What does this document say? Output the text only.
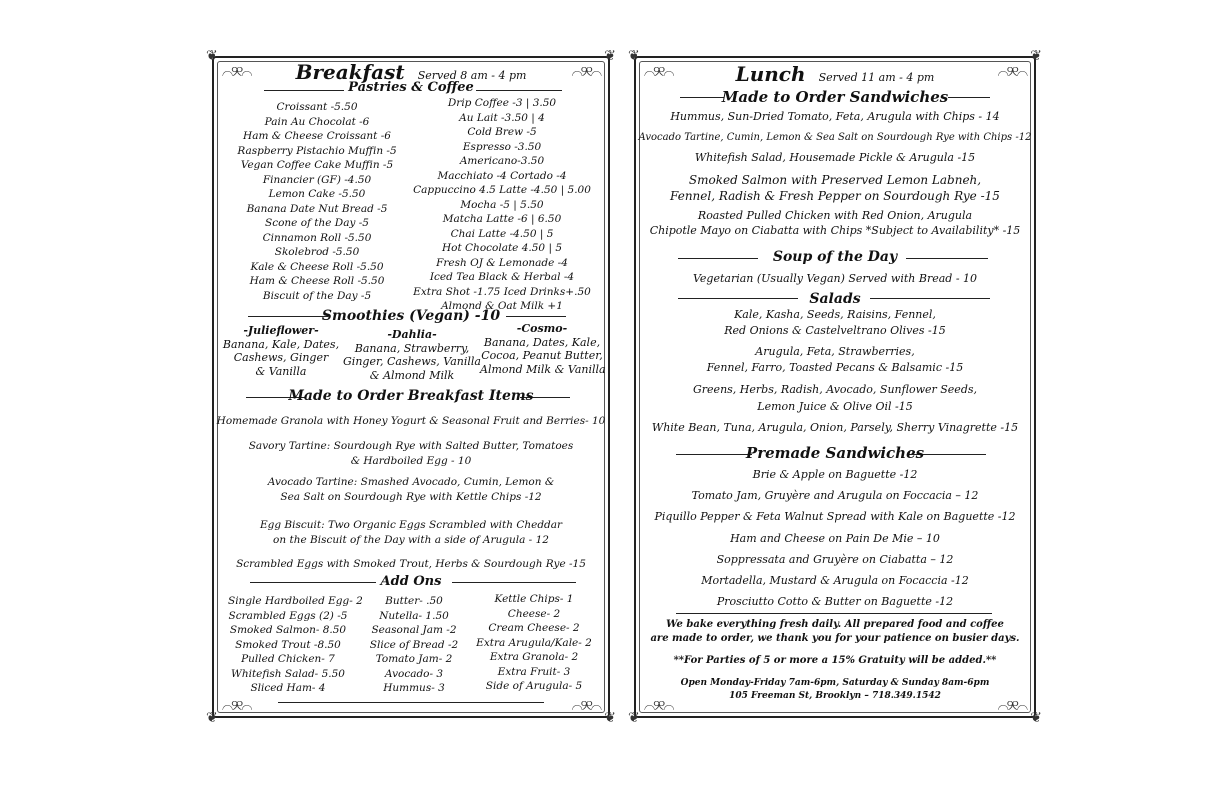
❦	❦
❦	❦
⌒୨୧⌒	⌒୨୧⌒
⌒୨୧⌒	⌒୨୧⌒
Breakfast Served 8 am - 4 pm
Pastries & Coffee
Croissant -5.50
Pain Au Chocolat -6
Ham & Cheese Croissant -6
Raspberry Pistachio Muffin -5
Vegan Coffee Cake Muffin -5
Financier (GF) -4.50
Lemon Cake -5.50
Banana Date Nut Bread -5
Scone of the Day -5
Cinnamon Roll -5.50
Skolebrod -5.50
Kale & Cheese Roll -5.50
Ham & Cheese Roll -5.50
Biscuit of the Day -5
Drip Coffee -3 | 3.50
Au Lait -3.50 | 4
Cold Brew -5
Espresso -3.50
Americano-3.50
Macchiato -4 Cortado -4
Cappuccino 4.5 Latte -4.50 | 5.00
Mocha -5 | 5.50
Matcha Latte -6 | 6.50
Chai Latte -4.50 | 5
Hot Chocolate 4.50 | 5
Fresh OJ & Lemonade -4
Iced Tea Black & Herbal -4
Extra Shot -1.75 Iced Drinks+.50
Almond & Oat Milk +1
Smoothies (Vegan) -10
-Julieflower-
Banana, Kale, Dates,
Cashews, Ginger
& Vanilla
-Dahlia-
Banana, Strawberry,
Ginger, Cashews, Vanilla
& Almond Milk
-Cosmo-
Banana, Dates, Kale,
Cocoa, Peanut Butter,
Almond Milk & Vanilla
Made to Order Breakfast Items
Homemade Granola with Honey Yogurt & Seasonal Fruit and Berries- 10
Savory Tartine: Sourdough Rye with Salted Butter, Tomatoes
& Hardboiled Egg - 10
Avocado Tartine: Smashed Avocado, Cumin, Lemon &
Sea Salt on Sourdough Rye with Kettle Chips -12
Egg Biscuit: Two Organic Eggs Scrambled with Cheddar
on the Biscuit of the Day with a side of Arugula - 12
Scrambled Eggs with Smoked Trout, Herbs & Sourdough Rye -15
Add Ons
Single Hardboiled Egg- 2
Scrambled Eggs (2) -5
Smoked Salmon- 8.50
Smoked Trout -8.50
Pulled Chicken- 7
Whitefish Salad- 5.50
Sliced Ham- 4
Butter- .50
Nutella- 1.50
Seasonal Jam -2
Slice of Bread -2
Tomato Jam- 2
Avocado- 3
Hummus- 3
Kettle Chips- 1
Cheese- 2
Cream Cheese- 2
Extra Arugula/Kale- 2
Extra Granola- 2
Extra Fruit- 3
Side of Arugula- 5
❦	❦
❦	❦
⌒୨୧⌒	⌒୨୧⌒
⌒୨୧⌒	⌒୨୧⌒
Lunch Served 11 am - 4 pm
Made to Order Sandwiches
Hummus, Sun-Dried Tomato, Feta, Arugula with Chips - 14
Avocado Tartine, Cumin, Lemon & Sea Salt on Sourdough Rye with Chips -12
Whitefish Salad, Housemade Pickle & Arugula -15
Smoked Salmon with Preserved Lemon Labneh,
Fennel, Radish & Fresh Pepper on Sourdough Rye -15
Roasted Pulled Chicken with Red Onion, Arugula
Chipotle Mayo on Ciabatta with Chips *Subject to Availability* -15
Soup of the Day
Vegetarian (Usually Vegan) Served with Bread - 10
Salads
Kale, Kasha, Seeds, Raisins, Fennel,
Red Onions & Castelveltrano Olives -15
Arugula, Feta, Strawberries,
Fennel, Farro, Toasted Pecans & Balsamic -15
Greens, Herbs, Radish, Avocado, Sunflower Seeds,
Lemon Juice & Olive Oil -15
White Bean, Tuna, Arugula, Onion, Parsely, Sherry Vinagrette -15
Premade Sandwiches
Brie & Apple on Baguette -12
Tomato Jam, Gruyère and Arugula on Foccacia – 12
Piquillo Pepper & Feta Walnut Spread with Kale on Baguette -12
Ham and Cheese on Pain De Mie – 10
Soppressata and Gruyère on Ciabatta – 12
Mortadella, Mustard & Arugula on Focaccia -12
Prosciutto Cotto & Butter on Baguette -12
We bake everything fresh daily. All prepared food and coffee
are made to order, we thank you for your patience on busier days.
**For Parties of 5 or more a 15% Gratuity will be added.**
Open Monday-Friday 7am-6pm, Saturday & Sunday 8am-6pm
105 Freeman St, Brooklyn – 718.349.1542
